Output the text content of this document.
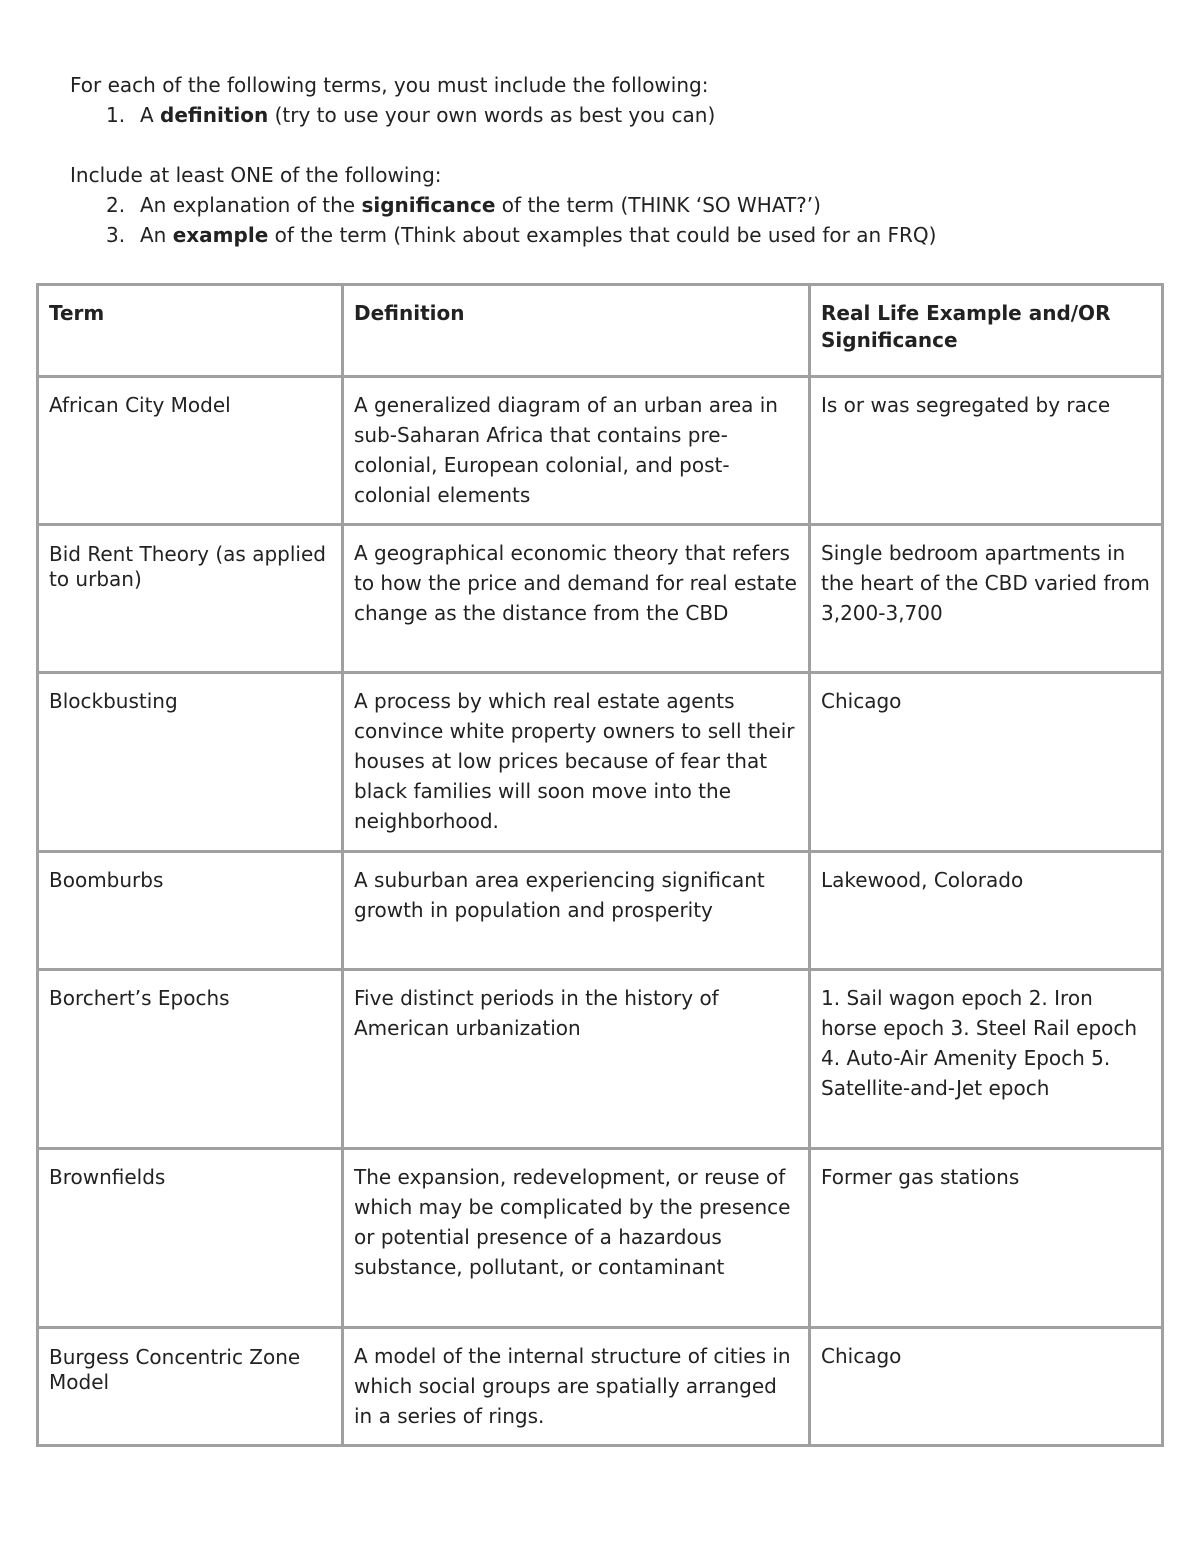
For each of the following terms, you must include the following:

1. A definition (try to use your own words as best you can)

Include at least ONE of the following:

2. An explanation of the significance of the term (THINK ‘SO WHAT?’)

3. An example of the term (Think about examples that could be used for an FRQ)

Term	Definition	Real Life Example and/OR Significance
African City Model	A generalized diagram of an urban area in sub-Saharan Africa that contains pre-colonial, European colonial, and post-colonial elements	Is or was segregated by race
Bid Rent Theory (as applied to urban)	A geographical economic theory that refers to how the price and demand for real estate change as the distance from the CBD	Single bedroom apartments in the heart of the CBD varied from 3,200-3,700
Blockbusting	A process by which real estate agents convince white property owners to sell their houses at low prices because of fear that black families will soon move into the neighborhood.	Chicago
Boomburbs	A suburban area experiencing significant growth in population and prosperity	Lakewood, Colorado
Borchert’s Epochs	Five distinct periods in the history of American urbanization	1. Sail wagon epoch 2. Iron horse epoch 3. Steel Rail epoch 4. Auto-Air Amenity Epoch 5. Satellite-and-Jet epoch
Brownfields	The expansion, redevelopment, or reuse of which may be complicated by the presence or potential presence of a hazardous substance, pollutant, or contaminant	Former gas stations
Burgess Concentric Zone Model	A model of the internal structure of cities in which social groups are spatially arranged in a series of rings.	Chicago
